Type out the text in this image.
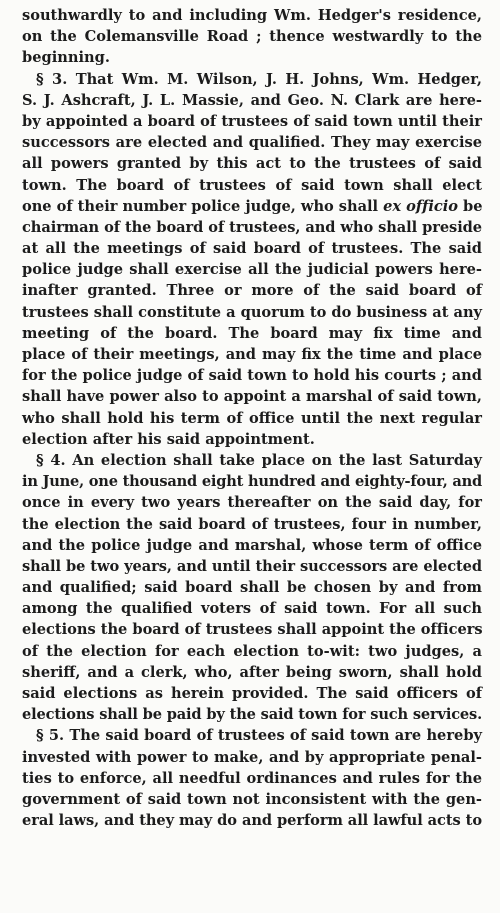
southwardly to and including Wm. Hedger's residence,
on the Colemansville Road ; thence westwardly to the
beginning.
§ 3. That Wm. M. Wilson, J. H. Johns, Wm. Hedger,
S. J. Ashcraft, J. L. Massie, and Geo. N. Clark are here-
by appointed a board of trustees of said town until their
successors are elected and qualified. They may exercise
all powers granted by this act to the trustees of said
town. The board of trustees of said town shall elect
one of their number police judge, who shall ex officio be
chairman of the board of trustees, and who shall preside
at all the meetings of said board of trustees. The said
police judge shall exercise all the judicial powers here-
inafter granted. Three or more of the said board of
trustees shall constitute a quorum to do business at any
meeting of the board. The board may fix time and
place of their meetings, and may fix the time and place
for the police judge of said town to hold his courts ; and
shall have power also to appoint a marshal of said town,
who shall hold his term of office until the next regular
election after his said appointment.
§ 4. An election shall take place on the last Saturday
in June, one thousand eight hundred and eighty-four, and
once in every two years thereafter on the said day, for
the election the said board of trustees, four in number,
and the police judge and marshal, whose term of office
shall be two years, and until their successors are elected
and qualified; said board shall be chosen by and from
among the qualified voters of said town. For all such
elections the board of trustees shall appoint the officers
of the election for each election to-wit: two judges, a
sheriff, and a clerk, who, after being sworn, shall hold
said elections as herein provided. The said officers of
elections shall be paid by the said town for such services.
§ 5. The said board of trustees of said town are hereby
invested with power to make, and by appropriate penal-
ties to enforce, all needful ordinances and rules for the
government of said town not inconsistent with the gen-
eral laws, and they may do and perform all lawful acts to
